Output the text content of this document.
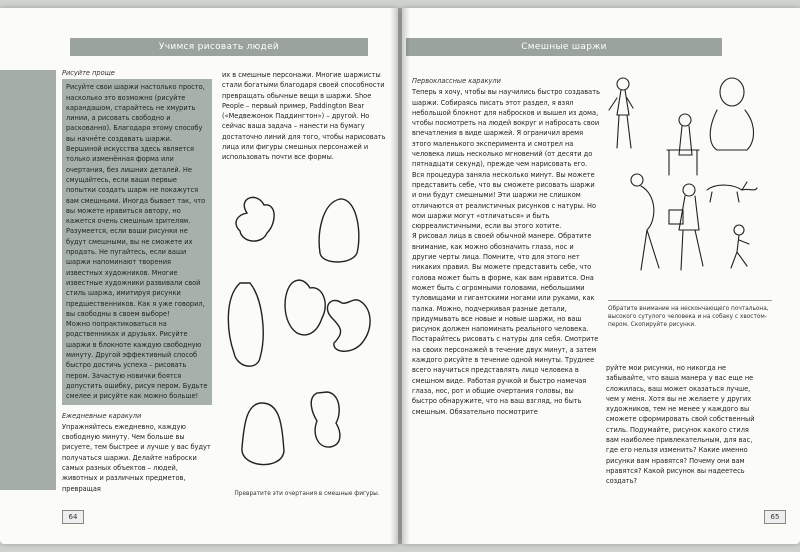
Учимся рисовать людей

Рисуйте проще

Рисуйте свои шаржи настолько просто, насколько это возможно (рисуйте карандашом, старайтесь не хмурить линии, а рисовать свободно и раскованно). Благодаря этому способу вы начнёте создавать шаржи. Вершиной искусства здесь является только изменённая форма или очертания, без лишних деталей. Не смущайтесь, если ваши первые попытки создать шарж не покажутся вам смешными. Иногда бывает так, что вы можете нравиться автору, но кажется очень смешным зрителям.

Разумеется, если ваши рисунки не будут смешными, вы не сможете их продать. Не пугайтесь, если ваши шаржи напоминают творения известных художников. Многие известные художники развивали свой стиль шаржа, имитируя рисунки предшественников. Как я уже говорил, вы свободны в своем выборе!

Можно попрактиковаться на родственниках и друзьях. Рисуйте шаржи в блокноте каждую свободную минуту. Другой эффективный способ быстро достичь успеха – рисовать пером. Зачастую новички боятся допустить ошибку, рисуя пером. Будьте смелее и рисуйте как можно больше!

Ежедневные каракули

Упражняйтесь ежедневно, каждую свободную минуту. Чем больше вы рисуете, тем быстрее и лучше у вас будут получаться шаржи. Делайте наброски самых разных объектов – людей, животных и различных предметов, превращая

их в смешные персонажи. Многие шаржисты стали богатыми благодаря своей способности превращать обычные вещи в шаржи. Shoe People – первый пример, Paddington Bear («Медвежонок Паддингтон») – другой. Но сейчас ваша задача – нанести на бумагу достаточно линий для того, чтобы нарисовать лица или фигуры смешных персонажей и использовать почти все формы.

Превратите эти очертания в смешные фигуры.
64
Смешные шаржи

Первоклассные каракули

Теперь я хочу, чтобы вы научились быстро создавать шаржи. Собираясь писать этот раздел, я взял небольшой блокнот для набросков и вышел из дома, чтобы посмотреть на людей вокруг и набросать свои впечатления в виде шаржей. Я ограничил время этого маленького эксперимента и смотрел на человека лишь несколько мгновений (от десяти до пятнадцати секунд), прежде чем нарисовать его. Вся процедура заняла несколько минут. Вы можете представить себе, что вы сможете рисовать шаржи и они будут смешными! Эти шаржи не слишком отличаются от реалистичных рисунков с натуры. Но мои шаржи могут «отличаться» и быть сюрреалистичными, если вы этого хотите.

Я рисовал лица в своей обычной манере. Обратите внимание, как можно обозначить глаза, нос и другие черты лица. Помните, что для этого нет никаких правил. Вы можете представить себе, что голова может быть в форме, как вам нравится. Она может быть с огромными головами, небольшими туловищами и гигантскими ногами или руками, как палка. Можно, подчеркивая разные детали, придумывать все новые и новые шаржи, но ваш рисунок должен напоминать реального человека.

Постарайтесь рисовать с натуры для себя. Смотрите на своих персонажей в течение двух минут, а затем каждого рисуйте в течение одной минуты. Труднее всего научиться представлять лицо человека в смешном виде. Работая ручкой и быстро намечая глаза, нос, рот и общие очертания головы, вы быстро обнаружите, что на ваш взгляд, но быть смешным. Обязательно посмотрите

Обратите внимание на нескончающего почтальона, высокого сутулого человека и на собаку с хвостом-пером. Скопируйте рисунки.

руйте мои рисунки, но никогда не забывайте, что ваша манера у вас еще не сложилась, ваш может оказаться лучше, чем у меня. Хотя вы не желаете у других художников, тем не менее у каждого вы сможете сформировать свой собственный стиль. Подумайте, рисунок какого стиля вам наиболее привлекательным, для вас, где его нельзя изменить? Какие именно рисунки вам нравятся? Почему они вам нравятся? Какой рисунок вы надеетесь создать?

65
